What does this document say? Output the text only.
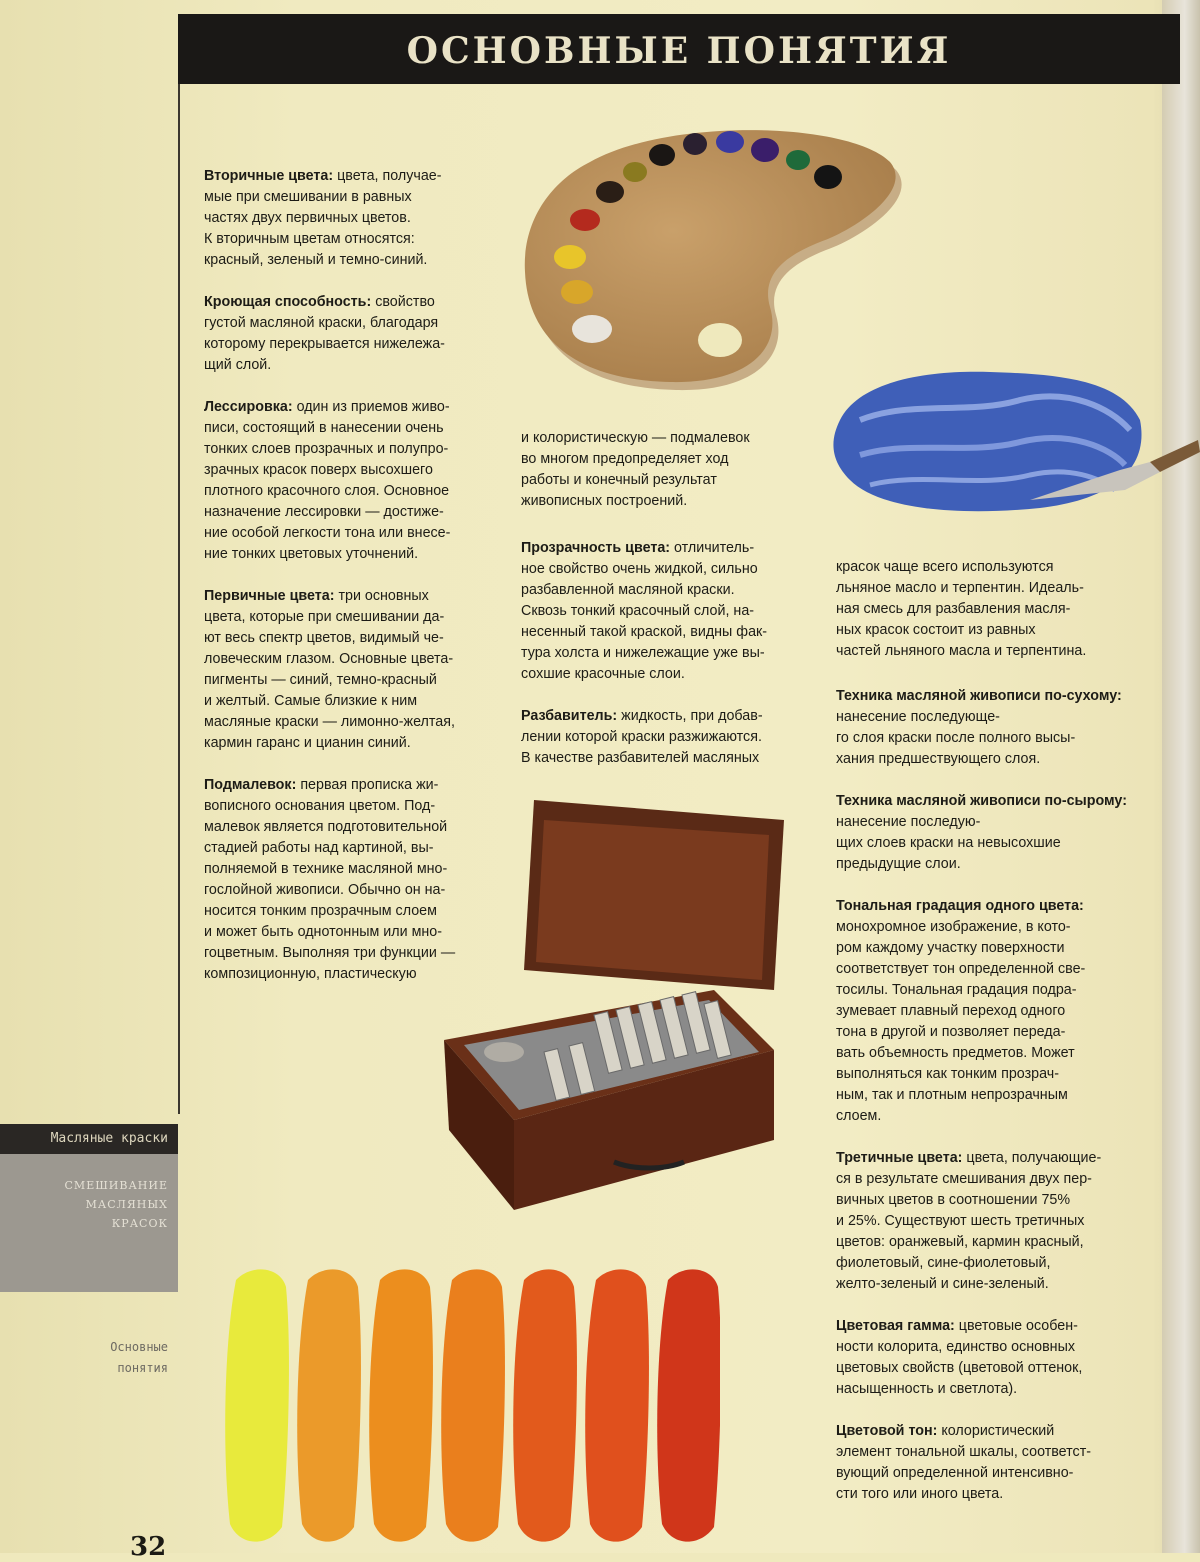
ОСНОВНЫЕ ПОНЯТИЯ

Вторичные цвета: цвета, получае-
мые при смешивании в равных
частях двух первичных цветов.
К вторичным цветам относятся:
красный, зеленый и темно-синий.

Кроющая способность: свойство
густой масляной краски, благодаря
которому перекрывается нижележа-
щий слой.

Лессировка: один из приемов живо-
писи, состоящий в нанесении очень
тонких слоев прозрачных и полупро-
зрачных красок поверх высохшего
плотного красочного слоя. Основное
назначение лессировки — достиже-
ние особой легкости тона или внесе-
ние тонких цветовых уточнений.

Первичные цвета: три основных
цвета, которые при смешивании да-
ют весь спектр цветов, видимый че-
ловеческим глазом. Основные цвета-
пигменты — синий, темно-красный
и желтый. Самые близкие к ним
масляные краски — лимонно-желтая,
кармин гаранс и цианин синий.

Подмалевок: первая прописка жи-
вописного основания цветом. Под-
малевок является подготовительной
стадией работы над картиной, вы-
полняемой в технике масляной мно-
гослойной живописи. Обычно он на-
носится тонким прозрачным слоем
и может быть однотонным или мно-
гоцветным. Выполняя три функции —
композиционную, пластическую

и колористическую — подмалевок
во многом предопределяет ход
работы и конечный результат
живописных построений.

Прозрачность цвета: отличитель-
ное свойство очень жидкой, сильно
разбавленной масляной краски.
Сквозь тонкий красочный слой, на-
несенный такой краской, видны фак-
тура холста и нижележащие уже вы-
сохшие красочные слои.

Разбавитель: жидкость, при добав-
лении которой краски разжижаются.
В качестве разбавителей масляных

красок чаще всего используются
льняное масло и терпентин. Идеаль-
ная смесь для разбавления масля-
ных красок состоит из равных
частей льняного масла и терпентина.

Техника масляной живописи по-сухому: нанесение последующе-
го слоя краски после полного высы-
хания предшествующего слоя.

Техника масляной живописи по-сырому: нанесение последую-
щих слоев краски на невысохшие
предыдущие слои.

Тональная градация одного цвета: монохромное изображение, в кото-
ром каждому участку поверхности
соответствует тон определенной све-
тосилы. Тональная градация подра-
зумевает плавный переход одного
тона в другой и позволяет переда-
вать объемность предметов. Может
выполняться как тонким прозрач-
ным, так и плотным непрозрачным
слоем.

Третичные цвета: цвета, получающие-
ся в результате смешивания двух пер-
вичных цветов в соотношении 75%
и 25%. Существуют шесть третичных
цветов: оранжевый, кармин красный,
фиолетовый, сине-фиолетовый,
желто-зеленый и сине-зеленый.

Цветовая гамма: цветовые особен-
ности колорита, единство основных
цветовых свойств (цветовой оттенок,
насыщенность и светлота).

Цветовой тон: колористический
элемент тональной шкалы, соответст-
вующий определенной интенсивно-
сти того или иного цвета.

Масляные краски
СМЕШИВАНИЕ
МАСЛЯНЫХ
КРАСОК
Основные
понятия
32
